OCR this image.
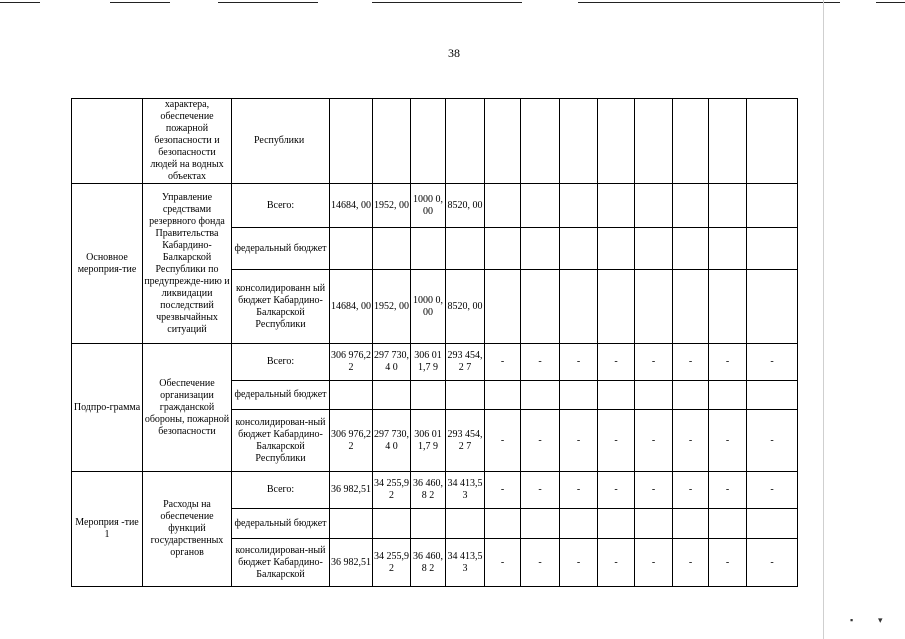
▪	▾
38
	характера, обеспечение пожарной безопасности и безопасности людей на водных объектах	Республики												
Основное мероприя-тие	Управление средствами резервного фонда Правительства Кабардино-Балкарской Республики по предупрежде-нию и ликвидации последствий чрезвычайных ситуаций	Всего:	14684, 00	1952, 00	1000 0,00	8520, 00								
		федеральный бюджет												
		консолидированн ый бюджет Кабардино-Балкарской Республики	14684, 00	1952, 00	1000 0,00	8520, 00								
Подпро-грамма	Обеспечение организации гражданской обороны, пожарной безопасности	Всего:	306 976,22	297 730,4 0	306 011,7 9	293 454,2 7	-	-	-	-	-	-	-	-
		федеральный бюджет												
		консолидирован-ный бюджет Кабардино-Балкарской Республики	306 976,22	297 730,4 0	306 011,7 9	293 454,2 7	-	-	-	-	-	-	-	-
Мероприя -тие 1	Расходы на обеспечение функций государственных органов	Всего:	36 982,51	34 255,9 2	36 460,8 2	34 413,5 3	-	-	-	-	-	-	-	-
		федеральный бюджет												
		консолидирован-ный бюджет Кабардино-Балкарской	36 982,51	34 255,9 2	36 460,8 2	34 413,5 3	-	-	-	-	-	-	-	-
